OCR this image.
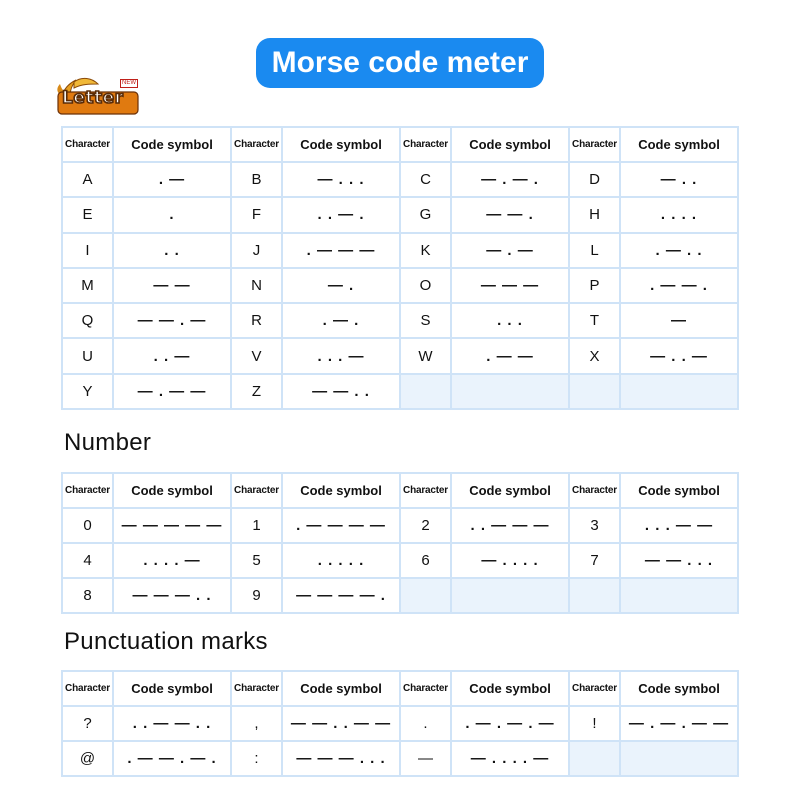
Morse code meter
Letter
NEW
Character	Code symbol	Character	Code symbol	Character	Code symbol	Character	Code symbol
A	. —	B	— . . .	C	— . — .	D	— . .
E	.	F	. . — .	G	— — .	H	. . . .
I	. .	J	. — — —	K	— . —	L	. — . .
M	— —	N	— .	O	— — —	P	. — — .
Q	— — . —	R	. — .	S	. . .	T	—
U	. . —	V	. . . —	W	. — —	X	— . . —
Y	— . — —	Z	— — . .				
Number
Character	Code symbol	Character	Code symbol	Character	Code symbol	Character	Code symbol
0	— — — — —	1	. — — — —	2	. . — — —	3	. . . — —
4	. . . . —	5	. . . . .	6	— . . . .	7	— — . . .
8	— — — . .	9	— — — — .				
Punctuation marks
Character	Code symbol	Character	Code symbol	Character	Code symbol	Character	Code symbol
?	. . — — . .	,	— — . . — —	.	. — . — . —	!	— . — . — —
@	. — — . — .	:	— — — . . .	—	— . . . . —		
